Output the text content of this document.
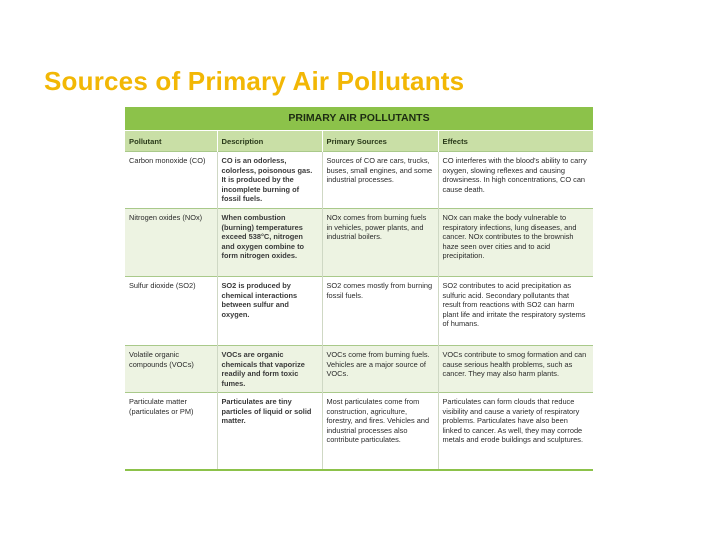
Sources of Primary Air Pollutants
PRIMARY AIR POLLUTANTS
Pollutant	Description	Primary Sources	Effects
Carbon monoxide (CO)	CO is an odorless, colorless, poisonous gas. It is produced by the incomplete burning of fossil fuels.	Sources of CO are cars, trucks, buses, small engines, and some industrial processes.	CO interferes with the blood's ability to carry oxygen, slowing reflexes and causing drowsiness. In high concentrations, CO can cause death.
Nitrogen oxides (NOx)	When combustion (burning) temperatures exceed 538°C, nitrogen and oxygen combine to form nitrogen oxides.	NOx comes from burning fuels in vehicles, power plants, and industrial boilers.	NOx can make the body vulnerable to respiratory infections, lung diseases, and cancer. NOx contributes to the brownish haze seen over cities and to acid precipitation.
Sulfur dioxide (SO2)	SO2 is produced by chemical interactions between sulfur and oxygen.	SO2 comes mostly from burning fossil fuels.	SO2 contributes to acid precipitation as sulfuric acid. Secondary pollutants that result from reactions with SO2 can harm plant life and irritate the respiratory systems of humans.
Volatile organic compounds (VOCs)	VOCs are organic chemicals that vaporize readily and form toxic fumes.	VOCs come from burning fuels. Vehicles are a major source of VOCs.	VOCs contribute to smog formation and can cause serious health problems, such as cancer. They may also harm plants.
Particulate matter (particulates or PM)	Particulates are tiny particles of liquid or solid matter.	Most particulates come from construction, agriculture, forestry, and fires. Vehicles and industrial processes also contribute particulates.	Particulates can form clouds that reduce visibility and cause a variety of respiratory problems. Particulates have also been linked to cancer. As well, they may corrode metals and erode buildings and sculptures.
